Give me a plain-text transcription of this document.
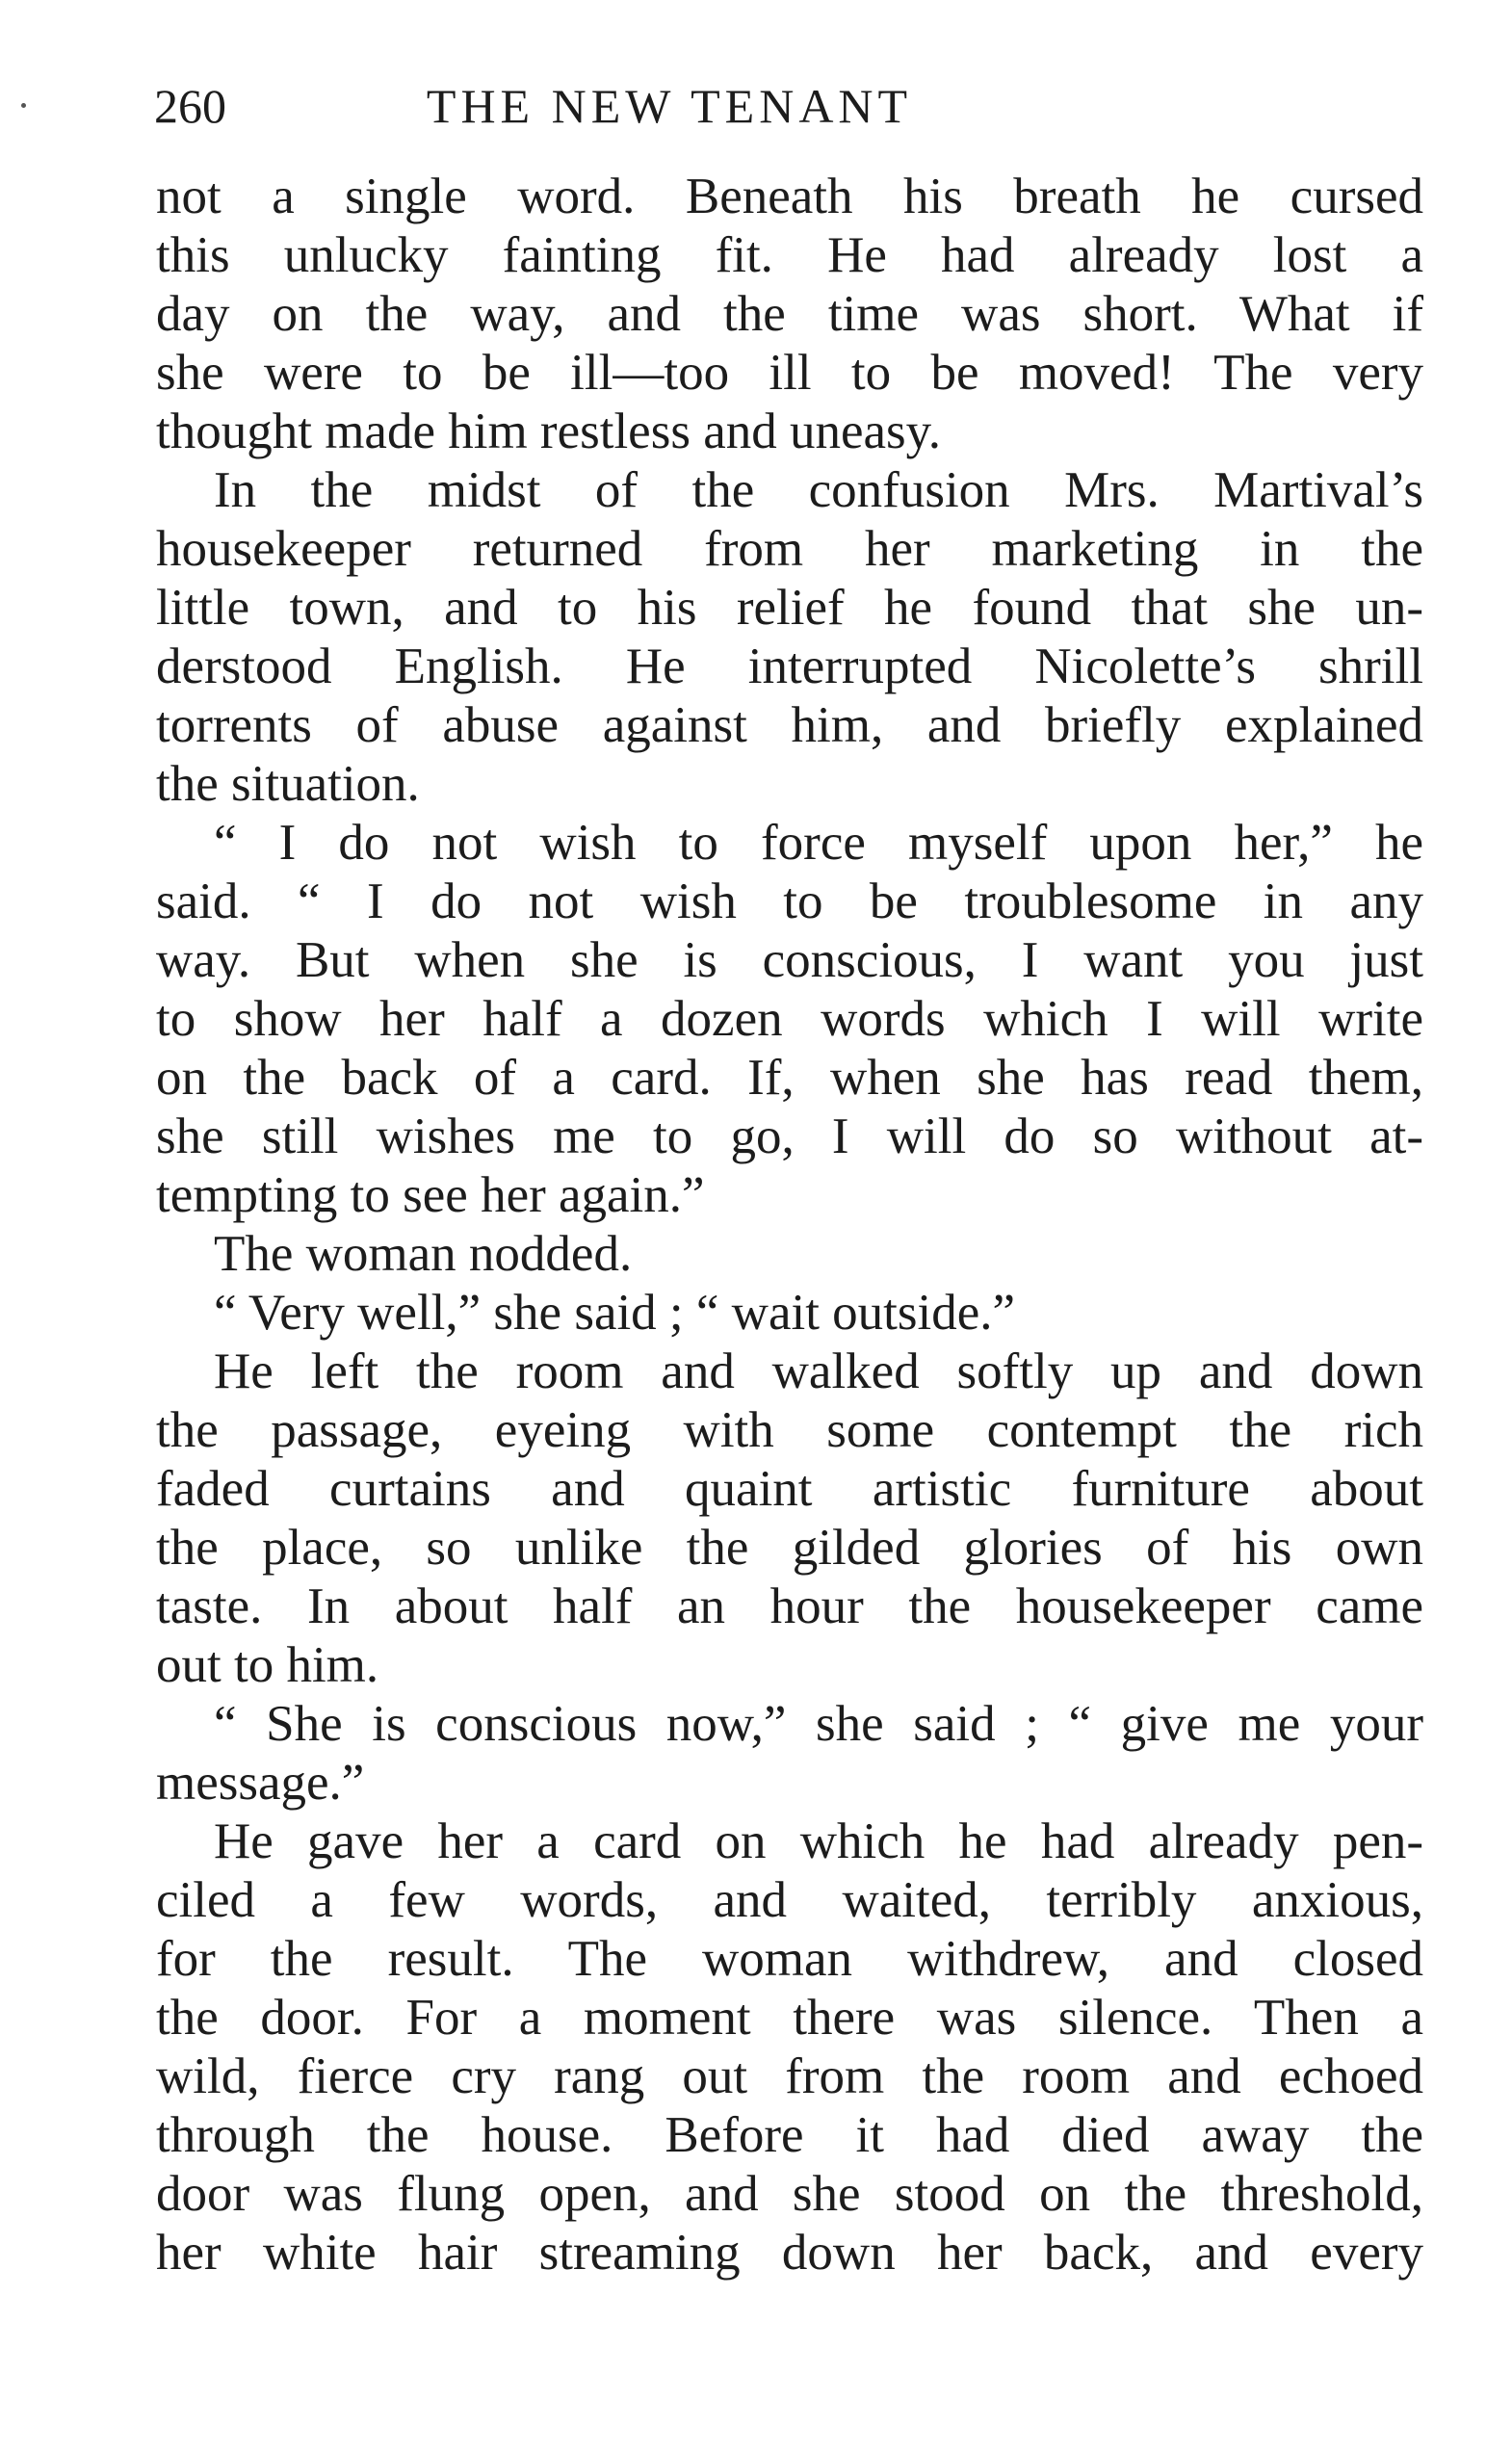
260	THE NEW TENANT
not a single word. Beneath his breath he cursed
this unlucky fainting fit. He had already lost a
day on the way, and the time was short. What if
she were to be ill—too ill to be moved! The very
thought made him restless and uneasy.
In the midst of the confusion Mrs. Martival’s
housekeeper returned from her marketing in the
little town, and to his relief he found that she un-
derstood English. He interrupted Nicolette’s shrill
torrents of abuse against him, and briefly explained
the situation.
“ I do not wish to force myself upon her,” he
said. “ I do not wish to be troublesome in any
way. But when she is conscious, I want you just
to show her half a dozen words which I will write
on the back of a card. If, when she has read them,
she still wishes me to go, I will do so without at-
tempting to see her again.”
The woman nodded.
“ Very well,” she said ; “ wait outside.”
He left the room and walked softly up and down
the passage, eyeing with some contempt the rich
faded curtains and quaint artistic furniture about
the place, so unlike the gilded glories of his own
taste. In about half an hour the housekeeper came
out to him.
“ She is conscious now,” she said ; “ give me your
message.”
He gave her a card on which he had already pen-
ciled a few words, and waited, terribly anxious,
for the result. The woman withdrew, and closed
the door. For a moment there was silence. Then a
wild, fierce cry rang out from the room and echoed
through the house. Before it had died away the
door was flung open, and she stood on the threshold,
her white hair streaming down her back, and every
